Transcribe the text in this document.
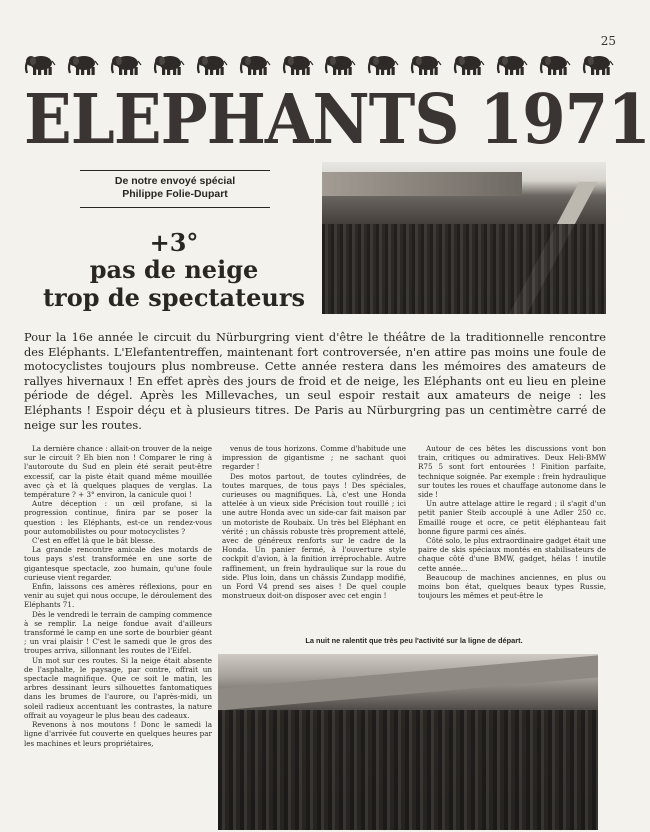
25
ELEPHANTS 1971
De notre envoyé spécial
Philippe Folie-Dupart
+3°
pas de neige
trop de spectateurs

Pour la 16e année le circuit du Nürburgring vient d'être le théâtre de la traditionnelle rencontre des Eléphants. L'Elefantentreffen, maintenant fort controversée, n'en attire pas moins une foule de motocyclistes toujours plus nombreuse. Cette année restera dans les mémoires des amateurs de rallyes hivernaux ! En effet après des jours de froid et de neige, les Eléphants ont eu lieu en pleine période de dégel. Après les Millevaches, un seul espoir restait aux amateurs de neige : les Eléphants ! Espoir déçu et à plusieurs titres. De Paris au Nürburgring pas un centimètre carré de neige sur les routes.

La dernière chance : allait-on trouver de la neige sur le circuit ? Eh bien non ! Comparer le ring à l'autoroute du Sud en plein été serait peut-être excessif, car la piste était quand même mouillée avec çà et là quelques plaques de verglas. La température ? + 3° environ, la canicule quoi !

Autre déception : un œil profane, si la progression continue, finira par se poser la question : les Eléphants, est-ce un rendez-vous pour automobilistes ou pour motocyclistes ?

C'est en effet là que le bât blesse.

La grande rencontre amicale des motards de tous pays s'est transformée en une sorte de gigantesque spectacle, zoo humain, qu'une foule curieuse vient regarder.

Enfin, laissons ces amères réflexions, pour en venir au sujet qui nous occupe, le déroulement des Eléphants 71.

Dès le vendredi le terrain de camping commence à se remplir. La neige fondue avait d'ailleurs transformé le camp en une sorte de bourbier géant ; un vrai plaisir ! C'est le samedi que le gros des troupes arriva, sillonnant les routes de l'Eifel.

Un mot sur ces routes. Si la neige était absente de l'asphalte, le paysage, par contre, offrait un spectacle magnifique. Que ce soit le matin, les arbres dessinant leurs silhouettes fantomatiques dans les brumes de l'aurore, ou l'après-midi, un soleil radieux accentuant les contrastes, la nature offrait au voyageur le plus beau des cadeaux.

Revenons à nos moutons ! Donc le samedi la ligne d'arrivée fut couverte en quelques heures par les machines et leurs propriétaires,

venus de tous horizons. Comme d'habitude une impression de gigantisme ; ne sachant quoi regarder !

Des motos partout, de toutes cylindrées, de toutes marques, de tous pays ! Des spéciales, curieuses ou magnifiques. Là, c'est une Honda attelée à un vieux side Précision tout rouillé ; ici une autre Honda avec un side-car fait maison par un motoriste de Roubaix. Un très bel Eléphant en vérité ; un châssis robuste très proprement attelé, avec de généreux renforts sur le cadre de la Honda. Un panier fermé, à l'ouverture style cockpit d'avion, à la finition irréprochable. Autre raffinement, un frein hydraulique sur la roue du side. Plus loin, dans un châssis Zundapp modifié, un Ford V4 prend ses aises ! De quel couple monstrueux doit-on disposer avec cet engin !

Autour de ces bêtes les discussions vont bon train, critiques ou admiratives. Deux Heli-BMW R75 5 sont fort entourées ! Finition parfaite, technique soignée. Par exemple : frein hydraulique sur toutes les roues et chauffage autonome dans le side !

Un autre attelage attire le regard ; il s'agit d'un petit panier Steib accouplé à une Adler 250 cc. Emaillé rouge et ocre, ce petit éléphanteau fait bonne figure parmi ces aînés.

Côté solo, le plus extraordinaire gadget était une paire de skis spéciaux montés en stabilisateurs de chaque côté d'une BMW, gadget, hélas ! inutile cette année...

Beaucoup de machines anciennes, en plus ou moins bon état, quelques beaux types Russie, toujours les mêmes et peut-être le

La nuit ne ralentit que très peu l'activité sur la ligne de départ.
